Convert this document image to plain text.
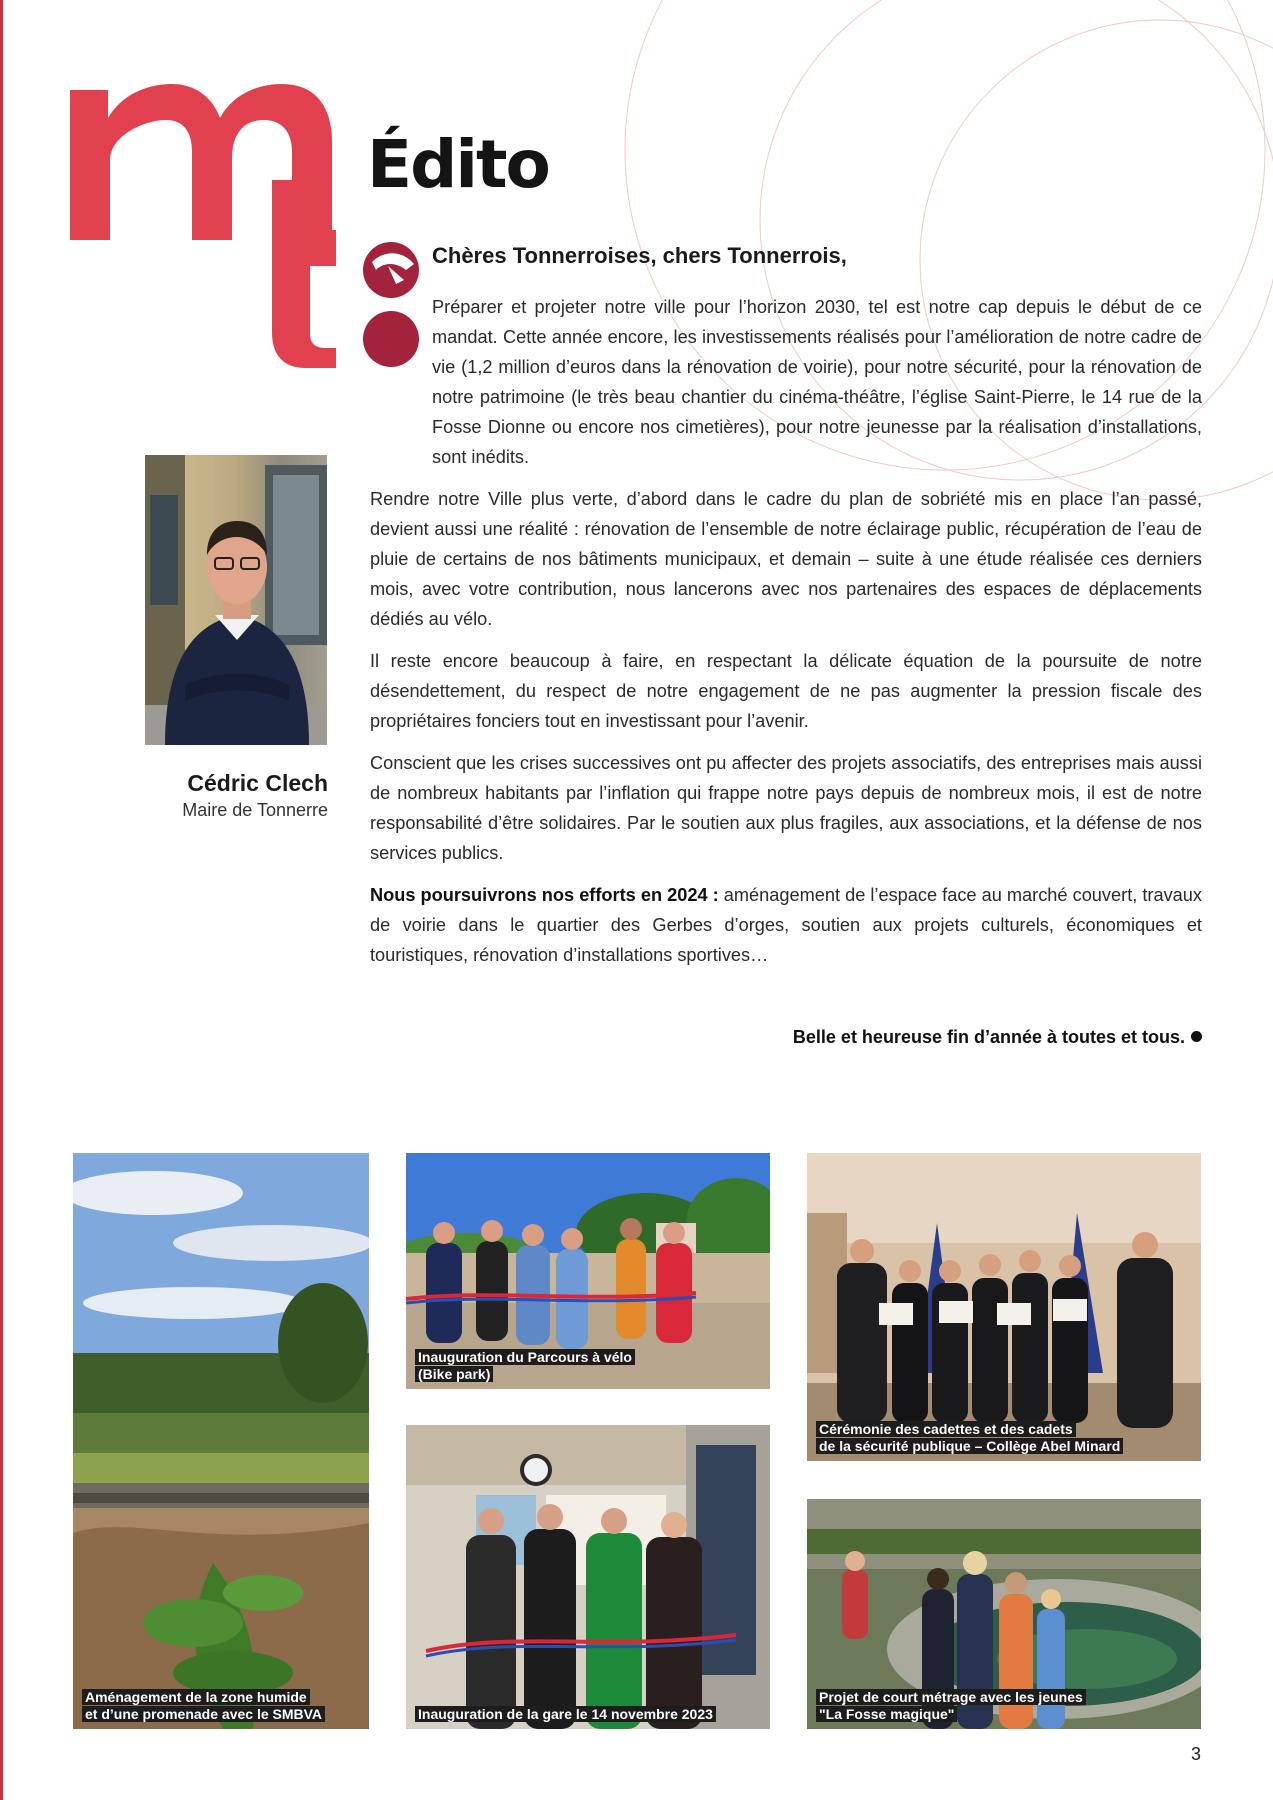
Édito

Chères Tonnerroises, chers Tonnerrois,

Préparer et projeter notre ville pour l’horizon 2030, tel est notre cap depuis le début de ce mandat. Cette année encore, les investissements réalisés pour l’amélioration de notre cadre de vie (1,2 million d’euros dans la rénovation de voirie), pour notre sécurité, pour la rénovation de notre patrimoine (le très beau chantier du cinéma-théâtre, l’église Saint-Pierre, le 14 rue de la Fosse Dionne ou encore nos cimetières), pour notre jeunesse par la réalisation d’installations, sont inédits.

Rendre notre Ville plus verte, d’abord dans le cadre du plan de sobriété mis en place l’an passé, devient aussi une réalité : rénovation de l’ensemble de notre éclairage public, récupération de l’eau de pluie de certains de nos bâtiments municipaux, et demain – suite à une étude réalisée ces derniers mois, avec votre contribution, nous lancerons avec nos partenaires des espaces de déplacements dédiés au vélo.

Il reste encore beaucoup à faire, en respectant la délicate équation de la poursuite de notre désendettement, du respect de notre engagement de ne pas augmenter la pression fiscale des propriétaires fonciers tout en investissant pour l’avenir.

Conscient que les crises successives ont pu affecter des projets associatifs, des entreprises mais aussi de nombreux habitants par l’inflation qui frappe notre pays depuis de nombreux mois, il est de notre responsabilité d’être solidaires. Par le soutien aux plus fragiles, aux associations, et la défense de nos services publics.

Nous poursuivrons nos efforts en 2024 : aménagement de l’espace face au marché couvert, travaux de voirie dans le quartier des Gerbes d’orges, soutien aux projets culturels, économiques et touristiques, rénovation d’installations sportives…

Cédric Clech

Maire de Tonnerre

Belle et heureuse fin d’année à toutes et tous.

Aménagement de la zone humide
et d’une promenade avec le SMBVA

Inauguration du Parcours à vélo
(Bike park)

Inauguration de la gare le 14 novembre 2023

Cérémonie des cadettes et des cadets
de la sécurité publique – Collège Abel Minard

Projet de court métrage avec les jeunes
"La Fosse magique"

3
